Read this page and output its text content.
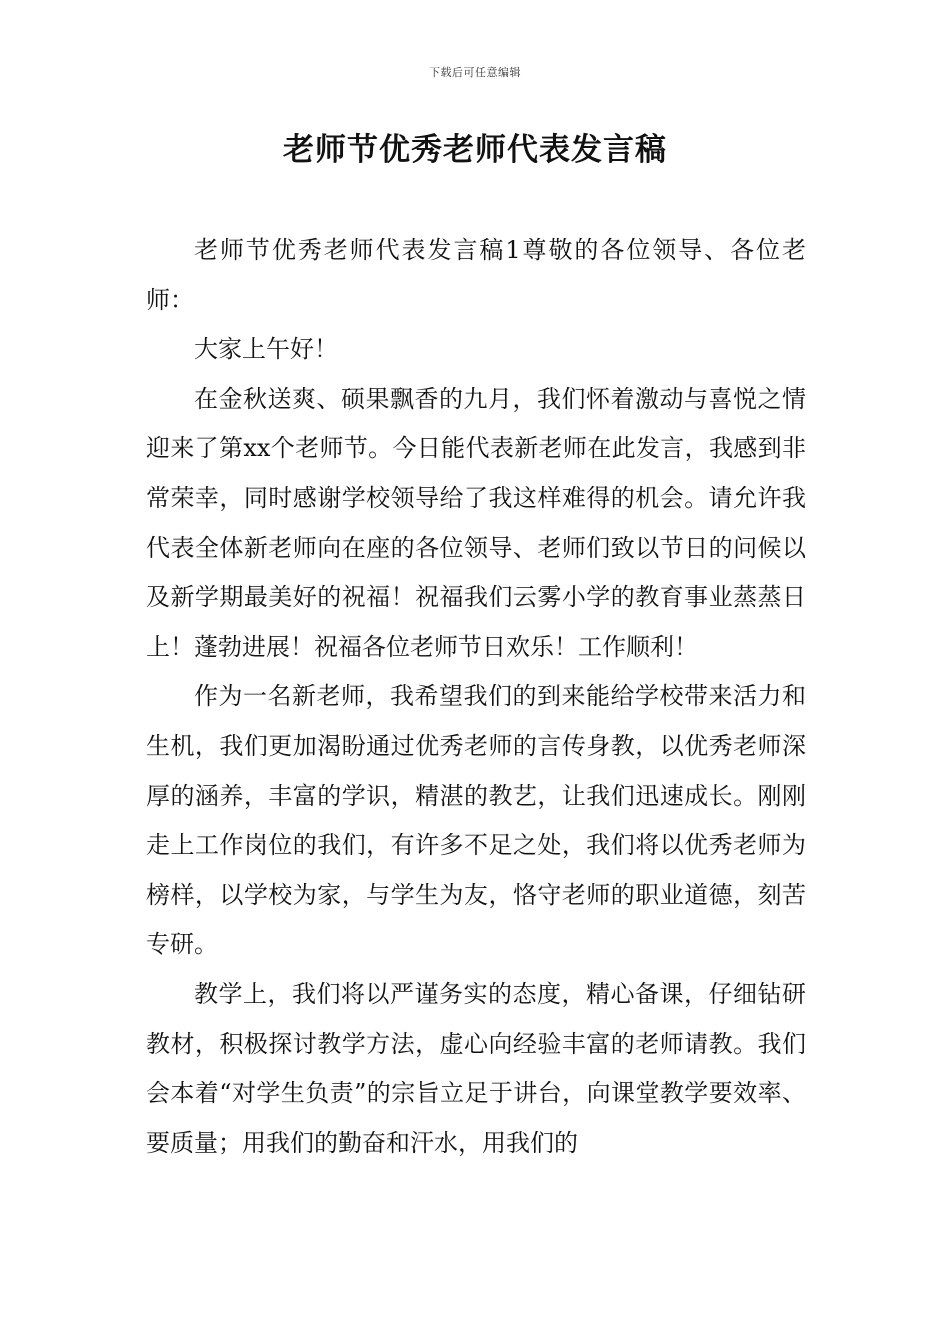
下载后可任意编辑
老师节优秀老师代表发言稿

老师节优秀老师代表发言稿1尊敬的各位领导、各位老师：

大家上午好！

在金秋送爽、硕果飘香的九月，我们怀着激动与喜悦之情迎来了第xx个老师节。今日能代表新老师在此发言，我感到非常荣幸，同时感谢学校领导给了我这样难得的机会。请允许我代表全体新老师向在座的各位领导、老师们致以节日的问候以及新学期最美好的祝福！祝福我们云雾小学的教育事业蒸蒸日上！蓬勃进展！祝福各位老师节日欢乐！工作顺利！

作为一名新老师，我希望我们的到来能给学校带来活力和生机，我们更加渴盼通过优秀老师的言传身教，以优秀老师深厚的涵养，丰富的学识，精湛的教艺，让我们迅速成长。刚刚走上工作岗位的我们，有许多不足之处，我们将以优秀老师为榜样，以学校为家，与学生为友，恪守老师的职业道德，刻苦专研。

教学上，我们将以严谨务实的态度，精心备课，仔细钻研教材，积极探讨教学方法，虚心向经验丰富的老师请教。我们会本着“对学生负责”的宗旨立足于讲台，向课堂教学要效率、要质量；用我们的勤奋和汗水，用我们的
